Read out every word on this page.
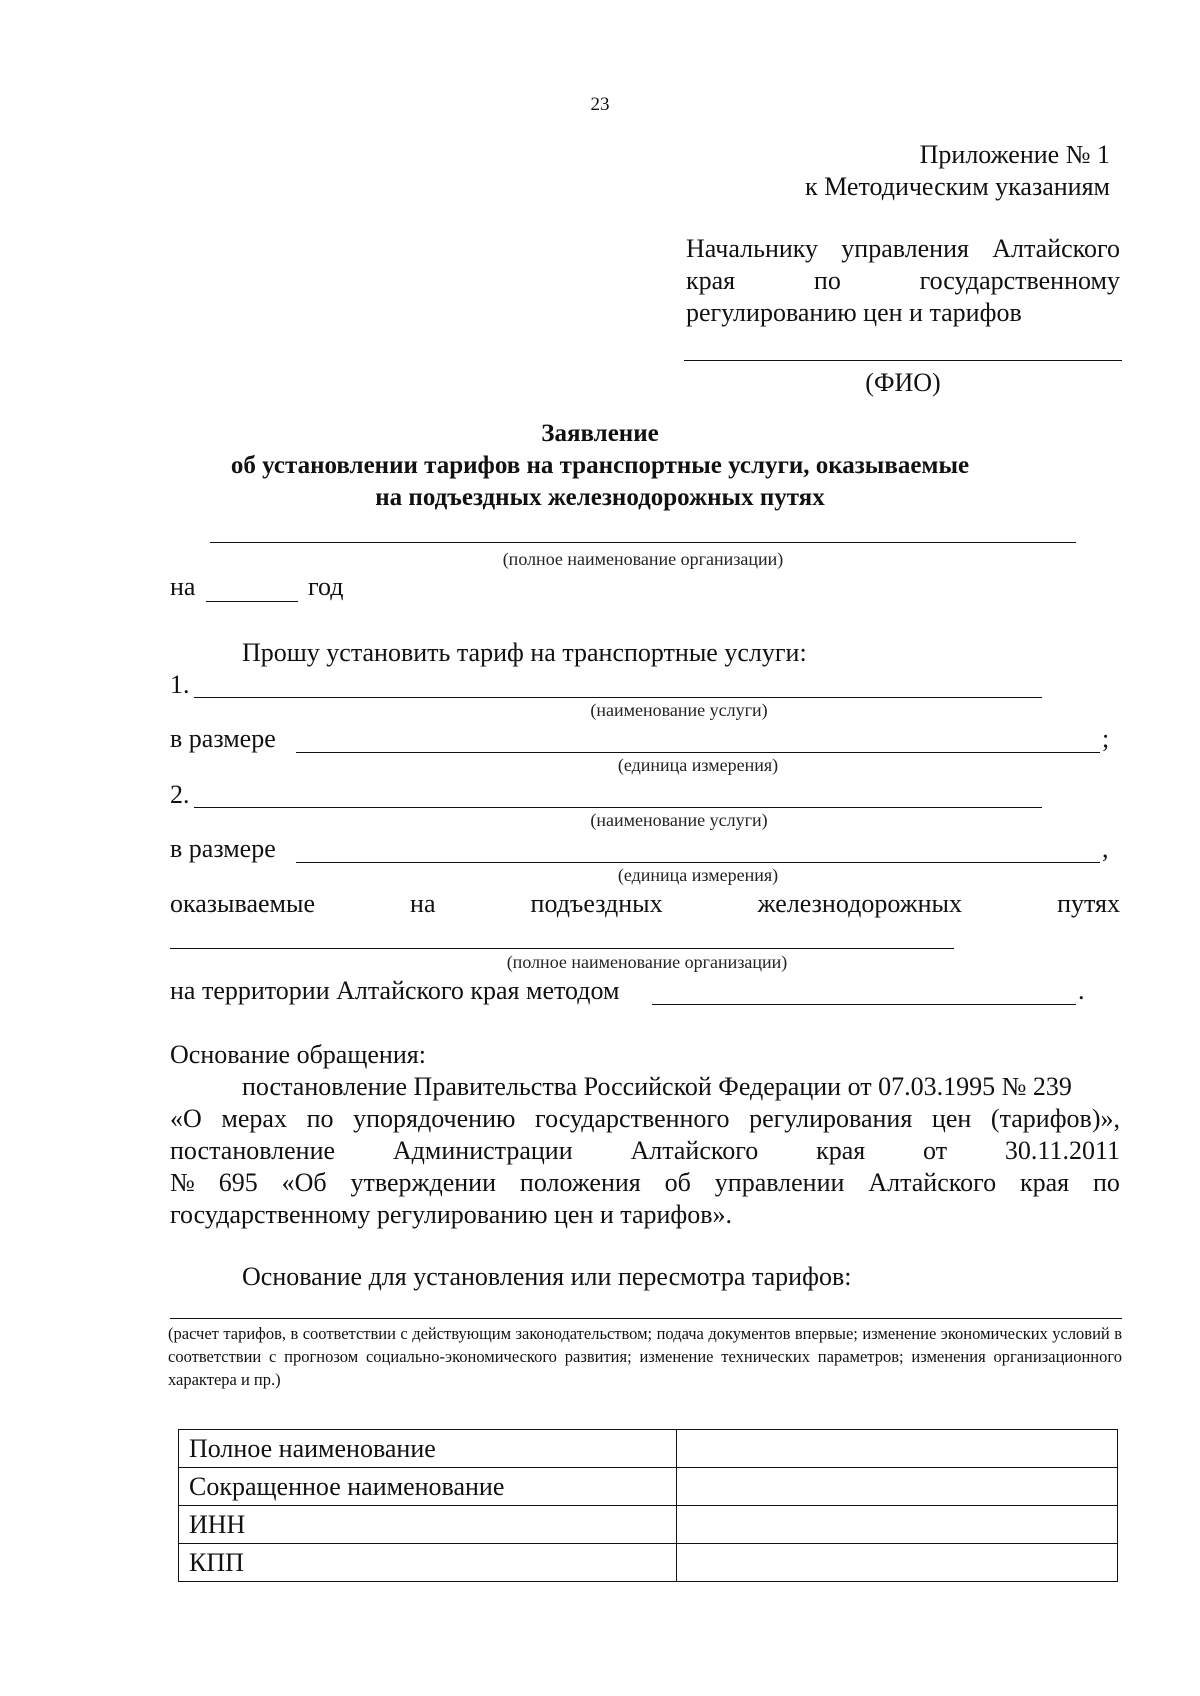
23
Приложение № 1
к Методическим указаниям
Начальнику управления Алтайского
края	по	государственному
регулированию цен и тарифов
(ФИО)
Заявление
об установлении тарифов на транспортные услуги, оказываемые
на подъездных железнодорожных путях
(полное наименование организации)
на	год
Прошу установить тариф на транспортные услуги:
1.
(наименование услуги)
в размере	;
(единица измерения)
2.
(наименование услуги)
в размере	,
(единица измерения)
оказываемые	на	подъездных	железнодорожных	путях
(полное наименование организации)
на территории Алтайского края методом	.
Основание обращения:
постановление Правительства Российской Федерации от 07.03.1995 № 239
«О мерах по упорядочению государственного регулирования цен (тарифов)»,
постановление Администрации Алтайского края от 30.11.2011
№ 695 «Об утверждении положения об управлении Алтайского края по
государственному регулированию цен и тарифов».
Основание для установления или пересмотра тарифов:
(расчет тарифов, в соответствии с действующим законодательством; подача документов впервые; изменение экономических условий в соответствии с прогнозом социально-экономического развития; изменение технических параметров; изменения организационного характера и пр.)
Полное наименование	
Сокращенное наименование	
ИНН	
КПП	
